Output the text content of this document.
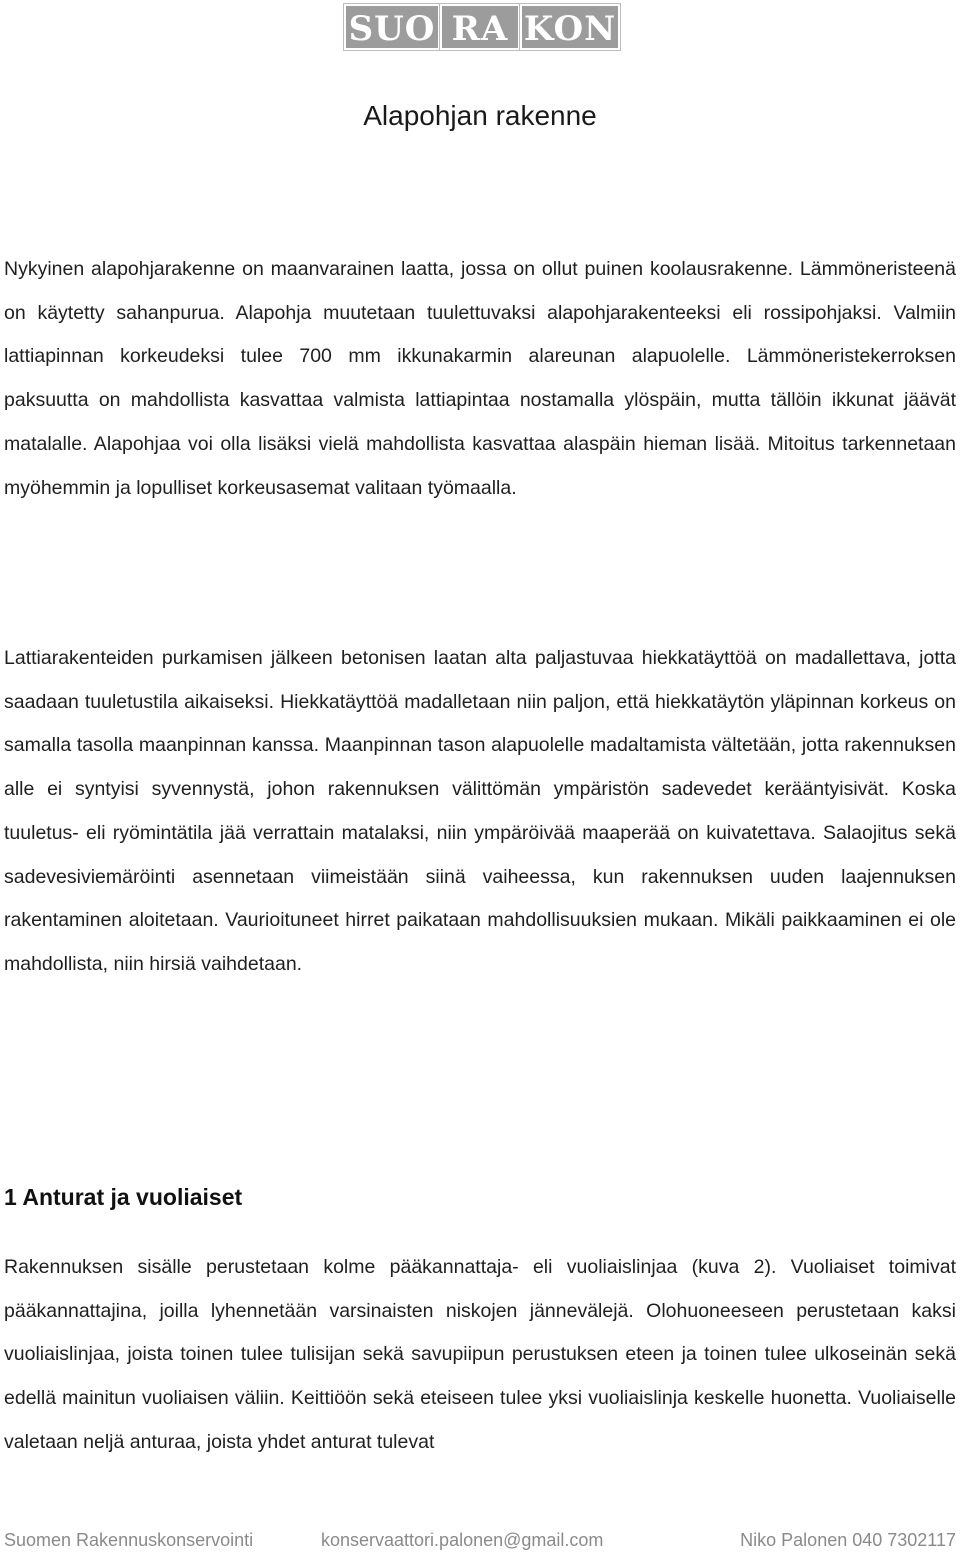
SUO RA KON
Alapohjan rakenne

Nykyinen alapohjarakenne on maanvarainen laatta, jossa on ollut puinen koolausrakenne. Lämmöneristeenä on käytetty sahanpurua. Alapohja muutetaan tuulettuvaksi alapohjarakenteeksi eli rossipohjaksi. Valmiin lattiapinnan korkeudeksi tulee 700 mm ikkunakarmin alareunan alapuolelle. Lämmöneristekerroksen paksuutta on mahdollista kasvattaa valmista lattiapintaa nostamalla ylöspäin, mutta tällöin ikkunat jäävät matalalle. Alapohjaa voi olla lisäksi vielä mahdollista kasvattaa alaspäin hieman lisää. Mitoitus tarkennetaan myöhemmin ja lopulliset korkeusasemat valitaan työmaalla.

Lattiarakenteiden purkamisen jälkeen betonisen laatan alta paljastuvaa hiekkatäyttöä on madallettava, jotta saadaan tuuletustila aikaiseksi. Hiekkatäyttöä madalletaan niin paljon, että hiekkatäytön yläpinnan korkeus on samalla tasolla maanpinnan kanssa. Maanpinnan tason alapuolelle madaltamista vältetään, jotta rakennuksen alle ei syntyisi syvennystä, johon rakennuksen välittömän ympäristön sadevedet kerääntyisivät. Koska tuuletus- eli ryömintätila jää verrattain matalaksi, niin ympäröivää maaperää on kuivatettava. Salaojitus sekä sadevesiviemäröinti asennetaan viimeistään siinä vaiheessa, kun rakennuksen uuden laajennuksen rakentaminen aloitetaan. Vaurioituneet hirret paikataan mahdollisuuksien mukaan. Mikäli paikkaaminen ei ole mahdollista, niin hirsiä vaihdetaan.

1 Anturat ja vuoliaiset

Rakennuksen sisälle perustetaan kolme pääkannattaja- eli vuoliaislinjaa (kuva 2). Vuoliaiset toimivat pääkannattajina, joilla lyhennetään varsinaisten niskojen jännevälejä. Olohuoneeseen perustetaan kaksi vuoliaislinjaa, joista toinen tulee tulisijan sekä savupiipun perustuksen eteen ja toinen tulee ulkoseinän sekä edellä mainitun vuoliaisen väliin. Keittiöön sekä eteiseen tulee yksi vuoliaislinja keskelle huonetta. Vuoliaiselle valetaan neljä anturaa, joista yhdet anturat tulevat

Suomen Rakennuskonservointi	konservaattori.palonen@gmail.com	Niko Palonen 040 7302117
